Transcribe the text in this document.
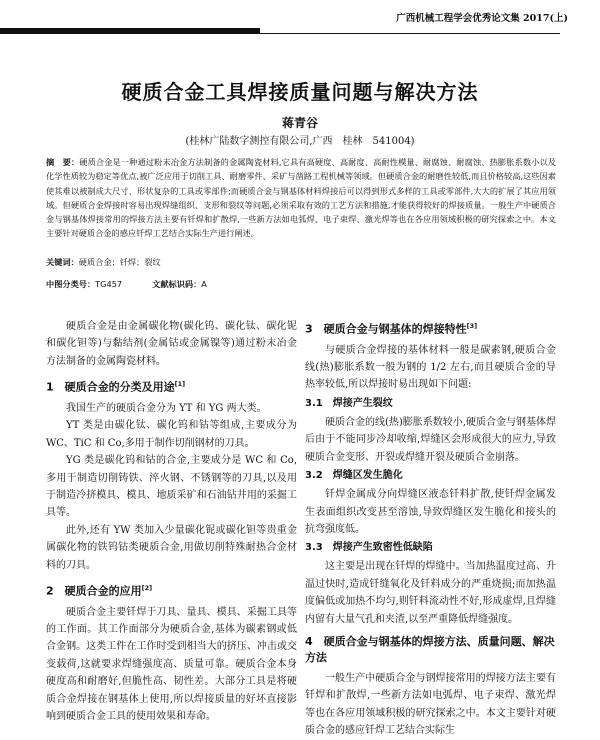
广西机械工程学会优秀论文集 2017(上)
硬质合金工具焊接质量问题与解决方法
蒋青谷
(桂林广陆数字测控有限公司,广西　桂林　541004)
摘　要：硬质合金是一种通过粉末冶金方法制备的金属陶瓷材料,它具有高硬度、高耐度、高耐性模量、耐腐蚀、耐腐蚀、热膨胀系数小以及化学性质较为稳定等优点,被广泛应用于切削工具、耐磨零件、采矿与凿路工程机械等领域。但硬质合金的耐磨性较低,而且价格较高,这些因素使其难以被制成大尺寸、形状复杂的工具或零部件;而硬质合金与钢基体材料焊接后可以得到形式多样的工具或零部件,大大的扩展了其应用领域。但硬质合金焊接时容易出现焊缝组织、支形和裂纹等问题,必须采取有效的工艺方法和措施,才能获得较好的焊接质量。一般生产中硬质合金与钢基体焊接常用的焊接方法主要有钎焊和扩散焊,一些新方法如电弧焊、电子束焊、激光焊等也在各应用领域积极的研究探索之中。本文主要针对硬质合金的感应钎焊工艺结合实际生产进行阐述。
关键词：硬质合金；钎焊；裂纹
中图分类号：TG457	文献标识码：A

硬质合金是由金属碳化物(碳化钨、碳化钛、碳化铌和碳化钽等)与黏结剂(金属钴或金属镍等)通过粉末冶金方法制备的金属陶瓷材料。

1　硬质合金的分类及用途[1]

我国生产的硬质合金分为 YT 和 YG 两大类。

YT 类是由碳化钛、碳化钨和钴等组成,主要成分为 WC、TiC 和 Co,多用于制作切削钢材的刀具。

YG 类是碳化钨和钴的合金,主要成分是 WC 和 Co,多用于制造切削铸铁、淬火钢、不锈钢等的刀具,以及用于制造冷挤模具、模具、地质采矿和石油钻井用的采掘工具等。

此外,还有 YW 类加入少量碳化铌或碳化钽等贵重金属碳化物的铁钨钴类硬质合金,用做切削特殊耐热合金材料的刀具。

2　硬质合金的应用[2]

硬质合金主要钎焊于刀具、量具、模具、采掘工具等的工作面。其工作面部分为硬质合金,基体为碳素钢或低合金钢。这类工件在工作时受到相当大的挤压、冲击或交变载荷,这就要求焊缝强度高、质量可靠。硬质合金本身硬度高和耐磨好,但脆性高、韧性差。大部分工具是将硬质合金焊接在钢基体上使用,所以焊接质量的好坏直接影响到硬质合金工具的使用效果和寿命。

3　硬质合金与钢基体的焊接特性[3]

与硬质合金焊接的基体材料一般是碳素钢,硬质合金线(热)膨胀系数一般为钢的 1/2 左右,而且硬质合金的导热率较低,所以焊接时易出现如下问题:

3.1　焊接产生裂纹

硬质合金的线(热)膨胀系数较小,硬质合金与钢基体焊后由于不能同步冷却收缩,焊缝区会形成很大的应力,导致硬质合金变形、开裂或焊缝开裂及硬质合金崩落。

3.2　焊缝区发生脆化

钎焊金属成分向焊缝区液态钎料扩散,使钎焊金属发生表面组织改变甚至溶蚀,导致焊缝区发生脆化和接头的抗弯强度低。

3.3　焊接产生致密性低缺陷

这主要是出现在钎焊的焊缝中。当加热温度过高、升温过快时,造成钎缝氧化及钎料成分的严重烧损;而加热温度偏低或加热不均匀,则钎料流动性不好,形成虚焊,且焊缝内留有大量气孔和夹渣,以至严重降低焊缝强度。

4　硬质合金与钢基体的焊接方法、质量问题、解决方法

一般生产中硬质合金与钢焊接常用的焊接方法主要有钎焊和扩散焊,一些新方法如电弧焊、电子束焊、激光焊等也在各应用领域积极的研究探索之中。本文主要针对硬质合金的感应钎焊工艺结合实际生
